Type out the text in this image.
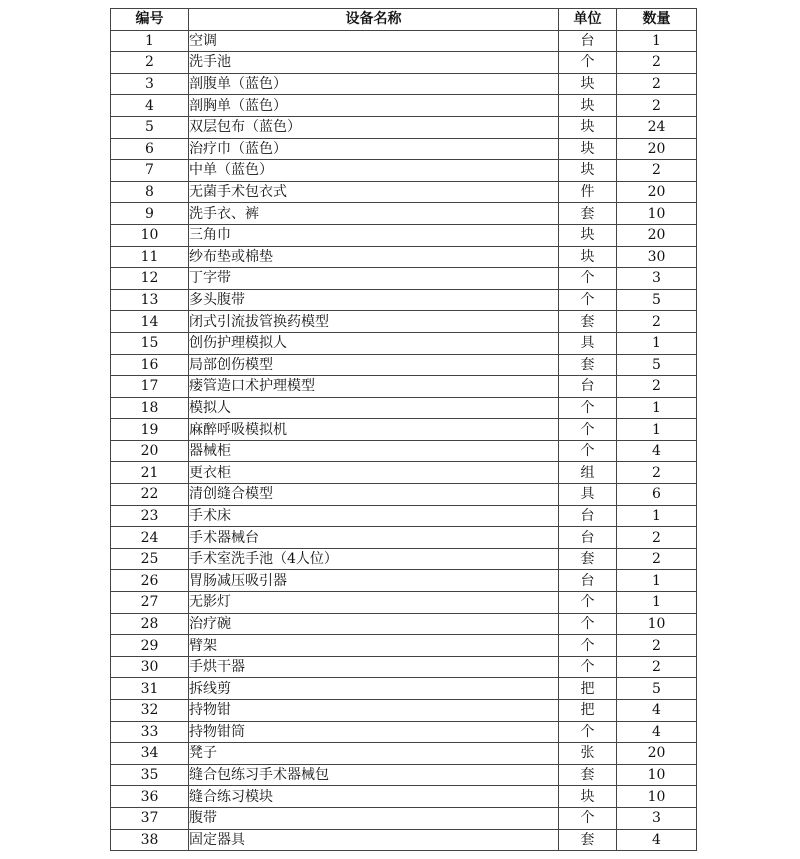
编号	设备名称	单位	数量
1	空调	台	1
2	洗手池	个	2
3	剖腹单（蓝色）	块	2
4	剖胸单（蓝色）	块	2
5	双层包布（蓝色）	块	24
6	治疗巾（蓝色）	块	20
7	中单（蓝色）	块	2
8	无菌手术包衣式	件	20
9	洗手衣、裤	套	10
10	三角巾	块	20
11	纱布垫或棉垫	块	30
12	丁字带	个	3
13	多头腹带	个	5
14	闭式引流拔管换药模型	套	2
15	创伤护理模拟人	具	1
16	局部创伤模型	套	5
17	瘘管造口术护理模型	台	2
18	模拟人	个	1
19	麻醉呼吸模拟机	个	1
20	器械柜	个	4
21	更衣柜	组	2
22	清创缝合模型	具	6
23	手术床	台	1
24	手术器械台	台	2
25	手术室洗手池（4人位）	套	2
26	胃肠减压吸引器	台	1
27	无影灯	个	1
28	治疗碗	个	10
29	臂架	个	2
30	手烘干器	个	2
31	拆线剪	把	5
32	持物钳	把	4
33	持物钳筒	个	4
34	凳子	张	20
35	缝合包练习手术器械包	套	10
36	缝合练习模块	块	10
37	腹带	个	3
38	固定器具	套	4
